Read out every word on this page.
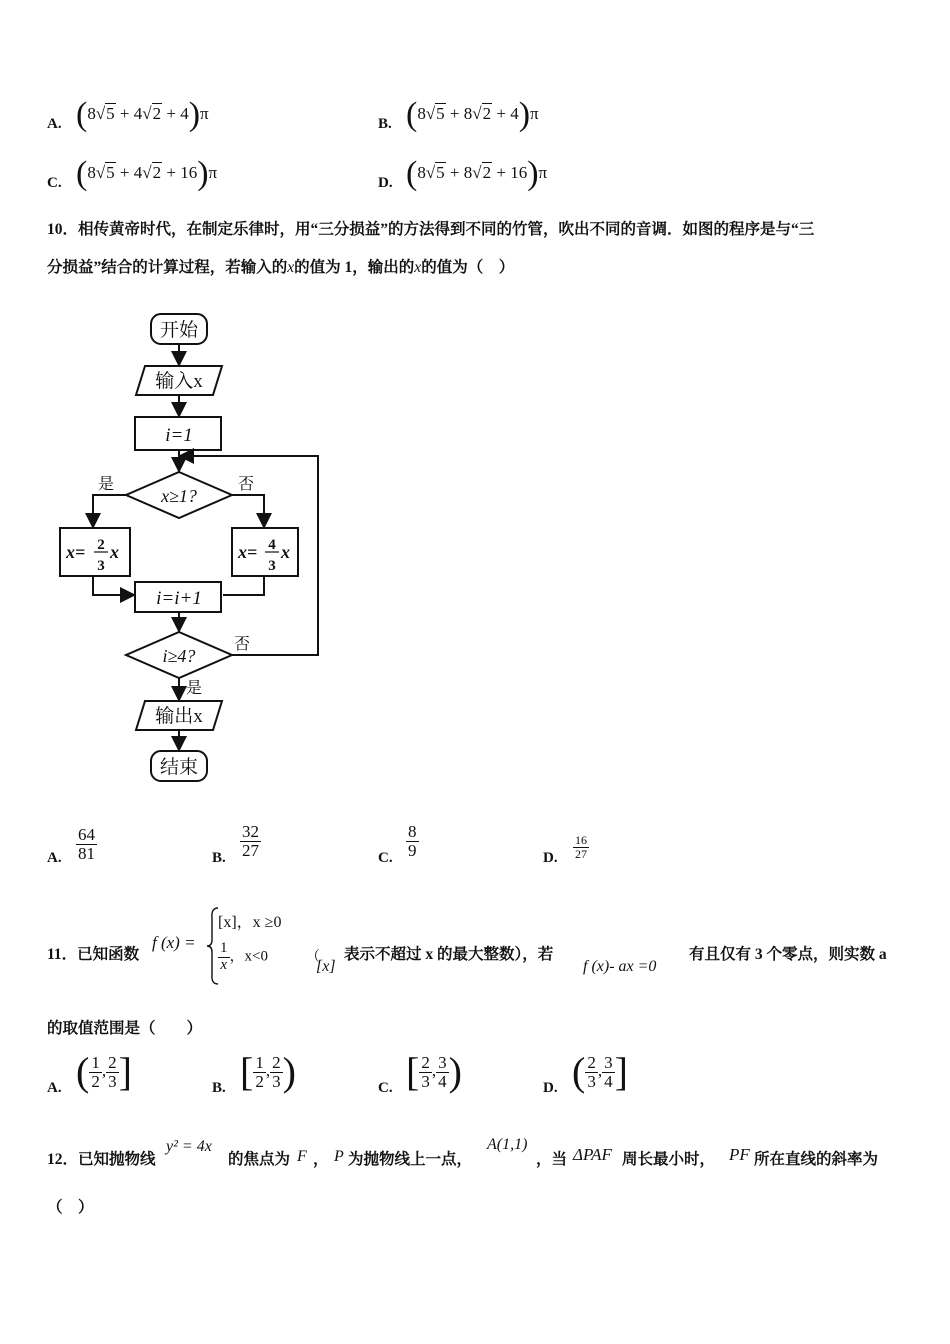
A. (8√5 + 4√2 + 4)π
B. (8√5 + 8√2 + 4)π
C. (8√5 + 4√2 + 16)π
D. (8√5 + 8√2 + 16)π
10．相传黄帝时代，在制定乐律时，用“三分损益”的方法得到不同的竹管，吹出不同的音调．如图的程序是与“三
分损益”结合的计算过程，若输入的x的值为 1，输出的x的值为（　）
开始
输入x
i=1
x≥1?
是	否
x= 2
3
x	x= 4
3
x
i=i+1
i≥4?
否
是
输出x
结束
A. $\frac{64}{81}$	B. $\frac{32}{27}$	C. $\frac{8}{9}$	D. $\frac{16}{27}$
11．已知函数
f (x) =
[x]，x ≥0
$\frac{1}{x}$ ，x<0	（
[x]
表示不超过 x 的最大整数），若
f (x)- ax =0
有且仅有 3 个零点，则实数 a
的取值范围是（　　）
A. ( $\frac{1}{2}$ , $\frac{2}{3}$ ]	B. [ $\frac{1}{2}$ , $\frac{2}{3}$ )	C. [ $\frac{2}{3}$ , $\frac{3}{4}$ )	D. ( $\frac{2}{3}$ , $\frac{3}{4}$ ]
12．已知抛物线
y² = 4x
的焦点为 F ， P 为抛物线上一点，
A(1,1)
，当 ΔPAF 周长最小时， PF 所在直线的斜率为
（　）
